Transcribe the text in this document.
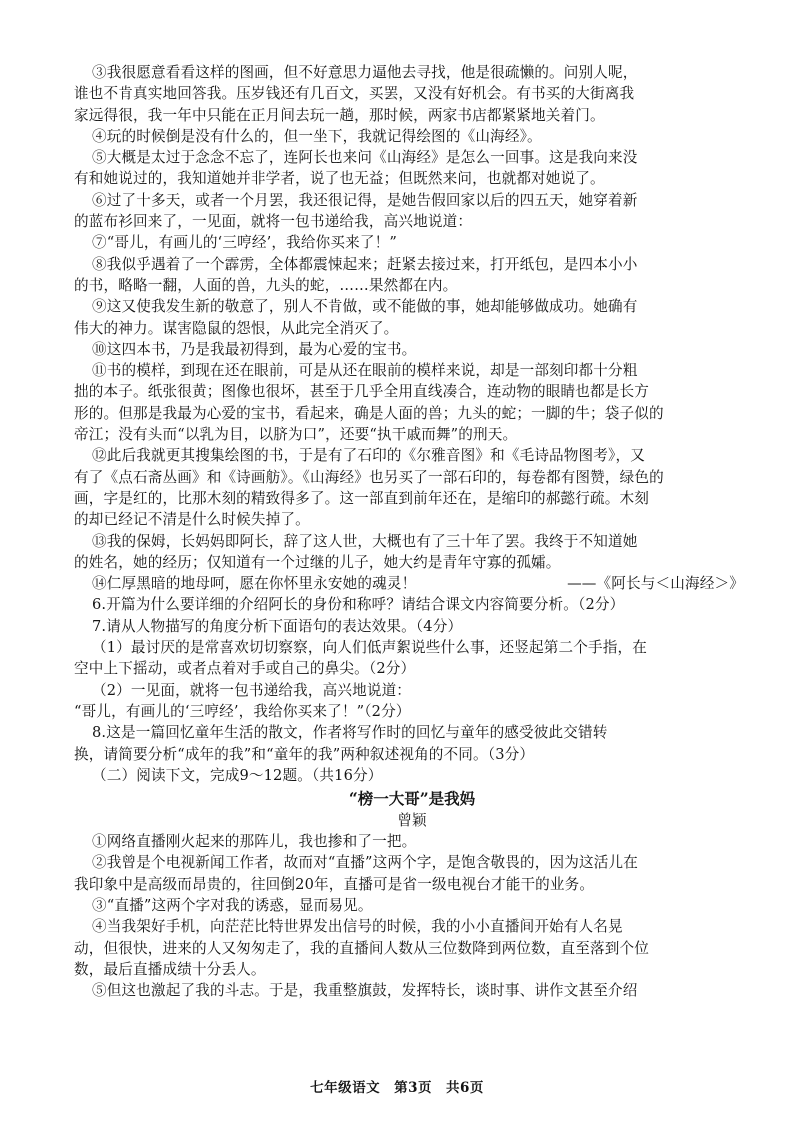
③我很愿意看看这样的图画，但不好意思力逼他去寻找，他是很疏懒的。问别人呢，
谁也不肯真实地回答我。压岁钱还有几百文，买罢，又没有好机会。有书买的大街离我
家远得很，我一年中只能在正月间去玩一趟，那时候，两家书店都紧紧地关着门。
④玩的时候倒是没有什么的，但一坐下，我就记得绘图的《山海经》。
⑤大概是太过于念念不忘了，连阿长也来问《山海经》是怎么一回事。这是我向来没
有和她说过的，我知道她并非学者，说了也无益；但既然来问，也就都对她说了。
⑥过了十多天，或者一个月罢，我还很记得，是她告假回家以后的四五天，她穿着新
的蓝布衫回来了，一见面，就将一包书递给我，高兴地说道：
⑦“哥儿，有画儿的‘三哼经’，我给你买来了！”
⑧我似乎遇着了一个霹雳，全体都震悚起来；赶紧去接过来，打开纸包，是四本小小
的书，略略一翻，人面的兽，九头的蛇，……果然都在内。
⑨这又使我发生新的敬意了，别人不肯做，或不能做的事，她却能够做成功。她确有
伟大的神力。谋害隐鼠的怨恨，从此完全消灭了。
⑩这四本书，乃是我最初得到，最为心爱的宝书。
⑪书的模样，到现在还在眼前，可是从还在眼前的模样来说，却是一部刻印都十分粗
拙的本子。纸张很黄；图像也很坏，甚至于几乎全用直线凑合，连动物的眼睛也都是长方
形的。但那是我最为心爱的宝书，看起来，确是人面的兽；九头的蛇；一脚的牛；袋子似的
帝江；没有头而“以乳为目，以脐为口”，还要“执干戚而舞”的刑天。
⑫此后我就更其搜集绘图的书，于是有了石印的《尔雅音图》和《毛诗品物图考》，又
有了《点石斋丛画》和《诗画舫》。《山海经》也另买了一部石印的，每卷都有图赞，绿色的
画，字是红的，比那木刻的精致得多了。这一部直到前年还在，是缩印的郝懿行疏。木刻
的却已经记不清是什么时候失掉了。
⑬我的保姆，长妈妈即阿长，辞了这人世，大概也有了三十年了罢。我终于不知道她
的姓名，她的经历；仅知道有一个过继的儿子，她大约是青年守寡的孤孀。
⑭仁厚黑暗的地母呵，愿在你怀里永安她的魂灵！	——《阿长与＜山海经＞》
6.开篇为什么要详细的介绍阿长的身份和称呼？请结合课文内容简要分析。（2分）
7.请从人物描写的角度分析下面语句的表达效果。（4分）
（1）最讨厌的是常喜欢切切察察，向人们低声絮说些什么事，还竖起第二个手指，在
空中上下摇动，或者点着对手或自己的鼻尖。（2分）
（2）一见面，就将一包书递给我，高兴地说道：
“哥儿，有画儿的‘三哼经’，我给你买来了！”（2分）
8.这是一篇回忆童年生活的散文，作者将写作时的回忆与童年的感受彼此交错转
换，请简要分析“成年的我”和“童年的我”两种叙述视角的不同。（3分）
（二）阅读下文，完成9～12题。（共16分）
“榜一大哥”是我妈
曾颖
①网络直播刚火起来的那阵儿，我也掺和了一把。
②我曾是个电视新闻工作者，故而对“直播”这两个字，是饱含敬畏的，因为这活儿在
我印象中是高级而昂贵的，往回倒20年，直播可是省一级电视台才能干的业务。
③“直播”这两个字对我的诱惑，显而易见。
④当我架好手机，向茫茫比特世界发出信号的时候，我的小小直播间开始有人名晃
动，但很快，进来的人又匆匆走了，我的直播间人数从三位数降到两位数，直至落到个位
数，最后直播成绩十分丢人。
⑤但这也激起了我的斗志。于是，我重整旗鼓，发挥特长，谈时事、讲作文甚至介绍
七年级语文　第3页　共6页
